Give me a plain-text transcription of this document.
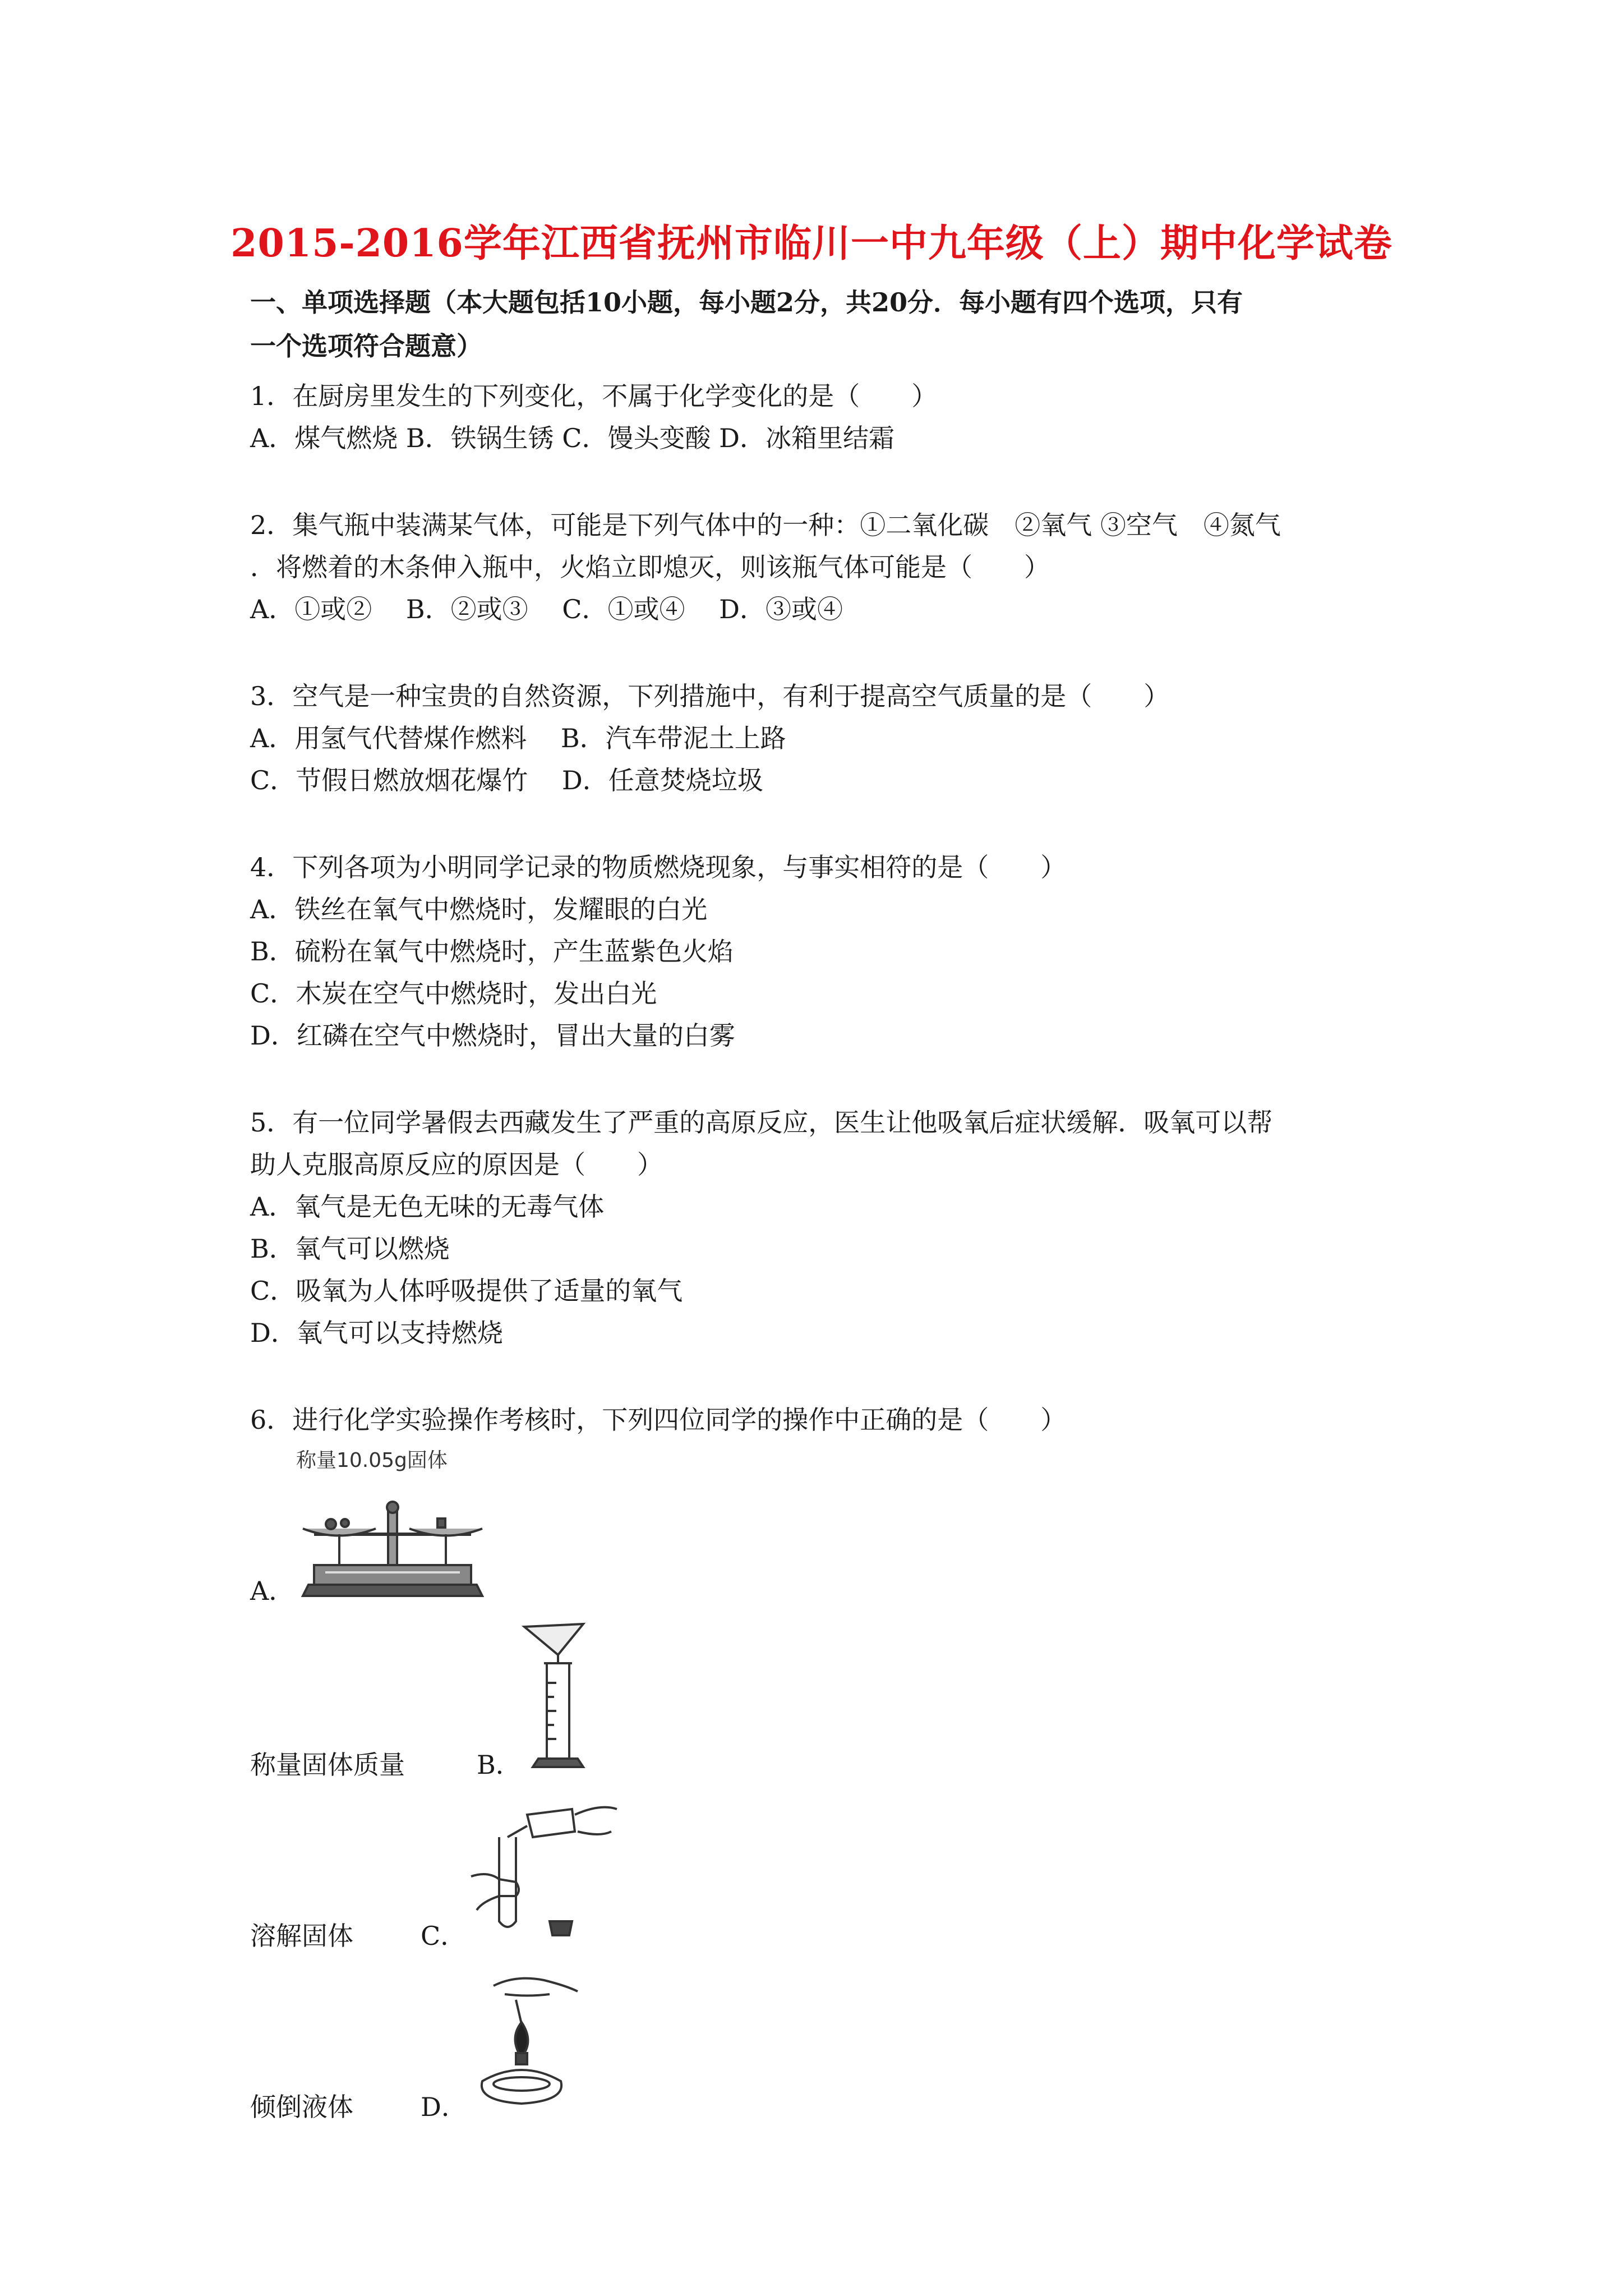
2015-2016学年江西省抚州市临川一中九年级（上）期中化学试卷
一、单项选择题（本大题包括10小题，每小题2分，共20分．每小题有四个选项，只有
一个选项符合题意）
1．在厨房里发生的下列变化，不属于化学变化的是（　　）
A．煤气燃烧 B．铁锅生锈 C．馒头变酸 D．冰箱里结霜
2．集气瓶中装满某气体，可能是下列气体中的一种：①二氧化碳　②氧气 ③空气　④氮气
．将燃着的木条伸入瓶中，火焰立即熄灭，则该瓶气体可能是（　　）
A．①或②　 B．②或③　 C．①或④　 D．③或④
3．空气是一种宝贵的自然资源，下列措施中，有利于提高空气质量的是（　　）
A．用氢气代替煤作燃料　 B．汽车带泥土上路
C．节假日燃放烟花爆竹　 D．任意焚烧垃圾
4．下列各项为小明同学记录的物质燃烧现象，与事实相符的是（　　）
A．铁丝在氧气中燃烧时，发耀眼的白光
B．硫粉在氧气中燃烧时，产生蓝紫色火焰
C．木炭在空气中燃烧时，发出白光
D．红磷在空气中燃烧时，冒出大量的白雾
5．有一位同学暑假去西藏发生了严重的高原反应，医生让他吸氧后症状缓解．吸氧可以帮
助人克服高原反应的原因是（　　）
A．氧气是无色无味的无毒气体
B．氧气可以燃烧
C．吸氧为人体呼吸提供了适量的氧气
D．氧气可以支持燃烧
6．进行化学实验操作考核时，下列四位同学的操作中正确的是（　　）
称量10.05g固体
A．
称量固体质量	B．
溶解固体	C．
倾倒液体	D．
